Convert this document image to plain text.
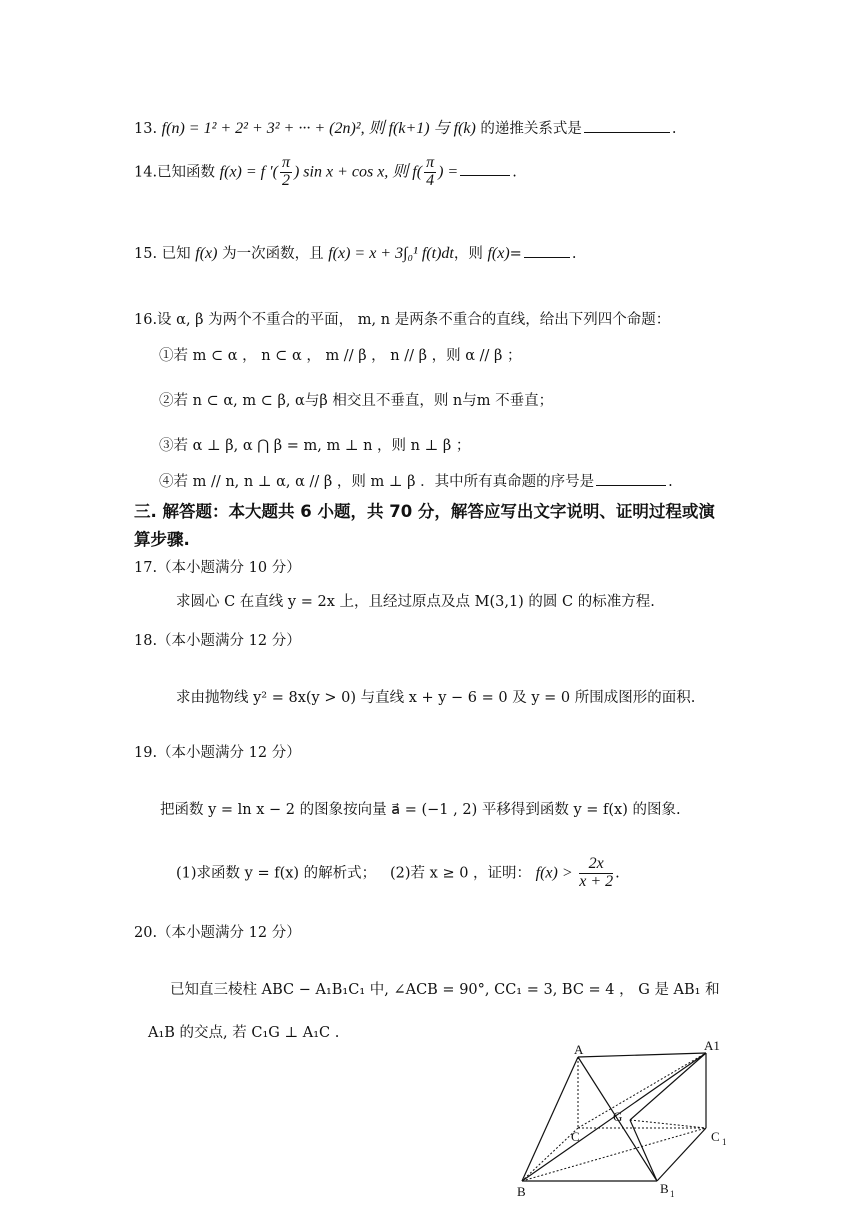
13. f(n) = 1² + 2² + 3² + ··· + (2n)², 则 f(k+1) 与 f(k) 的递推关系式是	.
14.已知函数 f(x) = f ′( $\frac{\pi}{2}$ ) sin x + cos x, 则 $f( \frac{\pi}{4}$ ) =	.
15. 已知 f(x) 为一次函数，且 f(x) = x + 3∫₀¹ f(t)dt，则 f(x)=	.
16.设 α, β 为两个不重合的平面， m, n 是两条不重合的直线，给出下列四个命题：
①若 m ⊂ α ， n ⊂ α ， m // β ， n // β ，则 α // β ；
②若 n ⊂ α, m ⊂ β, α与β 相交且不垂直，则 n与m 不垂直；
③若 α ⊥ β, α ⋂ β = m, m ⊥ n ，则 n ⊥ β ；
④若 m // n, n ⊥ α, α // β ，则 m ⊥ β ．其中所有真命题的序号是	.
三. 解答题：本大题共 6 小题，共 70 分，解答应写出文字说明、证明过程或演
算步骤.
17.（本小题满分 10 分）
求圆心 C 在直线 y = 2x 上，且经过原点及点 M(3,1) 的圆 C 的标准方程.
18.（本小题满分 12 分）
求由抛物线 y² = 8x(y > 0) 与直线 x + y − 6 = 0 及 y = 0 所围成图形的面积.
19.（本小题满分 12 分）
把函数 y = ln x − 2 的图象按向量 a⃗ = (−1 , 2) 平移得到函数 y = f(x) 的图象.
(1)求函数 y = f(x) 的解析式； (2)若 x ≥ 0 ，证明： $f(x) > \frac{2x}{x + 2}$ .
20.（本小题满分 12 分）
已知直三棱柱 ABC − A₁B₁C₁ 中, ∠ACB = 90°, CC₁ = 3, BC = 4 ， G 是 AB₁ 和
A₁B 的交点, 若 C₁G ⊥ A₁C .
A	A1
G
C	C 1
B	B 1
